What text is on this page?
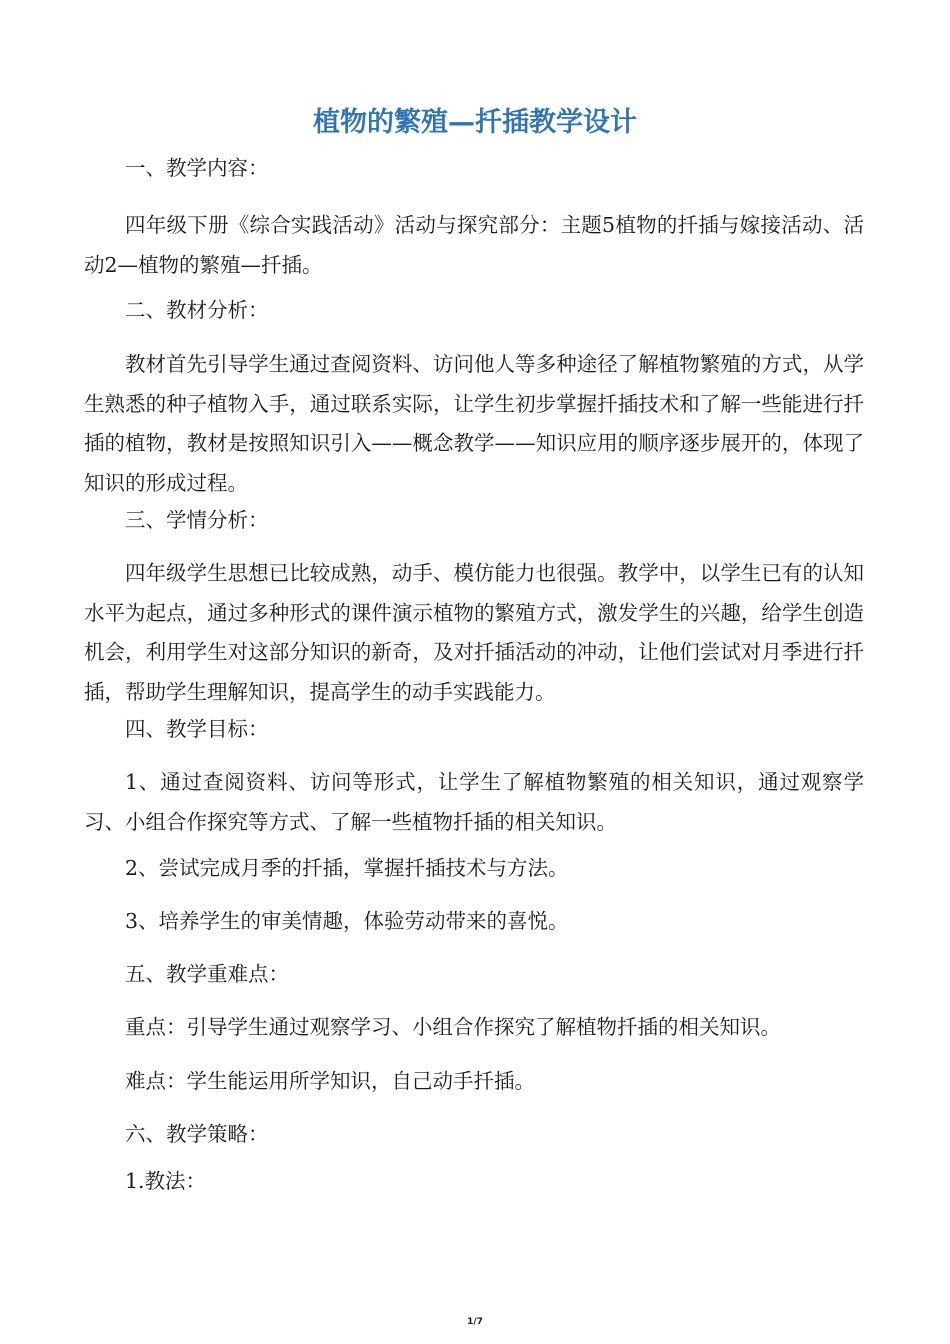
植物的繁殖—扦插教学设计
一、教学内容：
四年级下册《综合实践活动》活动与探究部分：主题5植物的扦插与嫁接活动、活动2—植物的繁殖—扦插。
二、教材分析：
教材首先引导学生通过查阅资料、访问他人等多种途径了解植物繁殖的方式，从学生熟悉的种子植物入手，通过联系实际，让学生初步掌握扦插技术和了解一些能进行扦插的植物，教材是按照知识引入——概念教学——知识应用的顺序逐步展开的，体现了知识的形成过程。
三、学情分析：
四年级学生思想已比较成熟，动手、模仿能力也很强。教学中，以学生已有的认知水平为起点，通过多种形式的课件演示植物的繁殖方式，激发学生的兴趣，给学生创造机会，利用学生对这部分知识的新奇，及对扦插活动的冲动，让他们尝试对月季进行扦插，帮助学生理解知识，提高学生的动手实践能力。
四、教学目标：
1、通过查阅资料、访问等形式，让学生了解植物繁殖的相关知识，通过观察学习、小组合作探究等方式、了解一些植物扦插的相关知识。
2、尝试完成月季的扦插，掌握扦插技术与方法。
3、培养学生的审美情趣，体验劳动带来的喜悦。
五、教学重难点：
重点：引导学生通过观察学习、小组合作探究了解植物扦插的相关知识。
难点：学生能运用所学知识，自己动手扦插。
六、教学策略：
1.教法：
1/7
